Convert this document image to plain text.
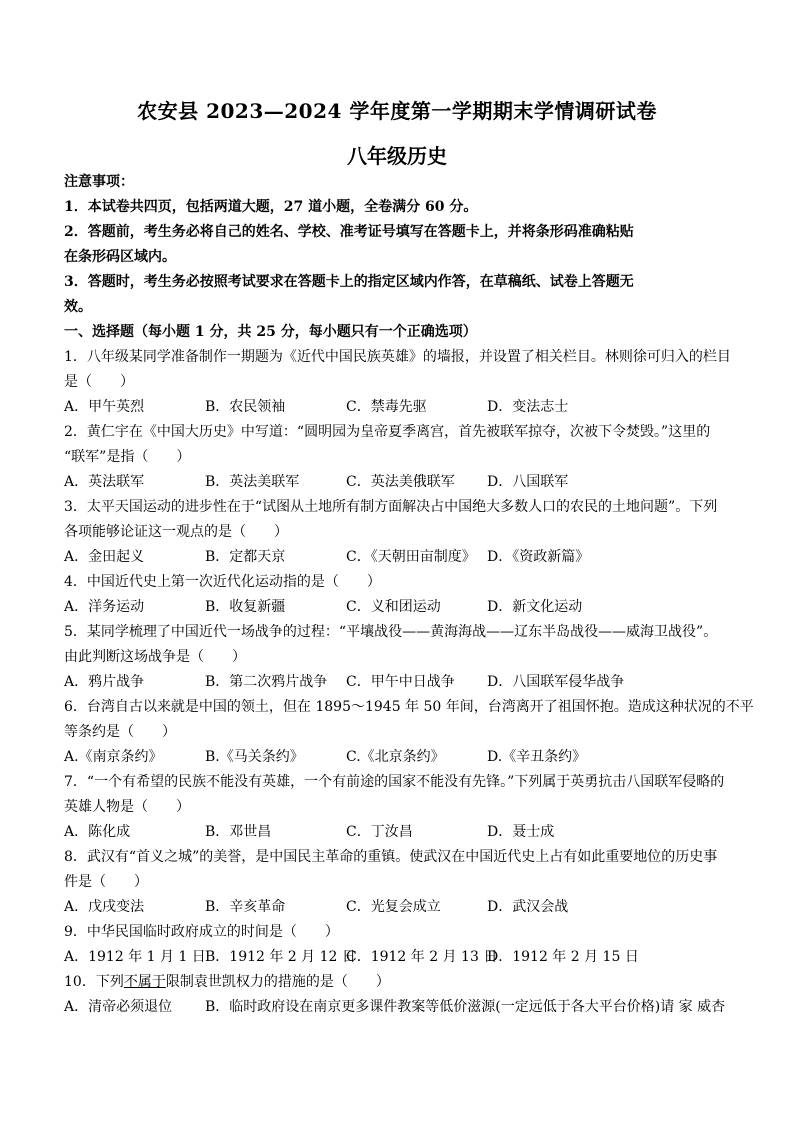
农安县 2023—2024 学年度第一学期期末学情调研试卷
八年级历史
注意事项：
1．本试卷共四页，包括两道大题，27 道小题，全卷满分 60 分。
2．答题前，考生务必将自己的姓名、学校、准考证号填写在答题卡上，并将条形码准确粘贴
在条形码区域内。
3．答题时，考生务必按照考试要求在答题卡上的指定区域内作答，在草稿纸、试卷上答题无
效。
一、选择题（每小题 1 分，共 25 分，每小题只有一个正确选项）
1．八年级某同学准备制作一期题为《近代中国民族英雄》的墙报，并设置了相关栏目。林则徐可归入的栏目
是（　　）
A．甲午英烈	B．农民领袖	C．禁毒先驱	D．变法志士
2．黄仁宇在《中国大历史》中写道：“圆明园为皇帝夏季离宫，首先被联军掠夺，次被下令焚毁。”这里的
“联军”是指（　　）
A．英法联军	B．英法美联军	C．英法美俄联军	D．八国联军
3．太平天国运动的进步性在于“试图从土地所有制方面解决占中国绝大多数人口的农民的土地问题”。下列
各项能够论证这一观点的是（　　）
A．金田起义	B．定都天京	C．《天朝田亩制度》 D．《资政新篇》
4．中国近代史上第一次近代化运动指的是（　　）
A．洋务运动	B．收复新疆	C．义和团运动	D．新文化运动
5．某同学梳理了中国近代一场战争的过程：“平壤战役——黄海海战——辽东半岛战役——威海卫战役”。
由此判断这场战争是（　　）
A．鸦片战争	B．第二次鸦片战争	C．甲午中日战争	D．八国联军侵华战争
6．台湾自古以来就是中国的领土，但在 1895～1945 年 50 年间，台湾离开了祖国怀抱。造成这种状况的不平
等条约是（　　）
A.《南京条约》	B.《马关条约》	C.《北京条约》	D.《辛丑条约》
7．“一个有希望的民族不能没有英雄，一个有前途的国家不能没有先锋。”下列属于英勇抗击八国联军侵略的
英雄人物是（　　）
A．陈化成	B．邓世昌	C．丁汝昌	D．聂士成
8．武汉有“首义之城”的美誉，是中国民主革命的重镇。使武汉在中国近代史上占有如此重要地位的历史事
件是（　　）
A．戊戌变法	B．辛亥革命	C．光复会成立	D．武汉会战
9．中华民国临时政府成立的时间是（　　）
A．1912 年 1 月 1 日 B．1912 年 2 月 12 日
C．1912 年 2 月 13 日
D．1912 年 2 月 15 日
10．下列不属于限制袁世凯权力的措施的是（　　）
A．清帝必须退位	B．临时政府设在南京更多课件教案等低价滋源(一定远低于各大平台价格)请 家 威杏
